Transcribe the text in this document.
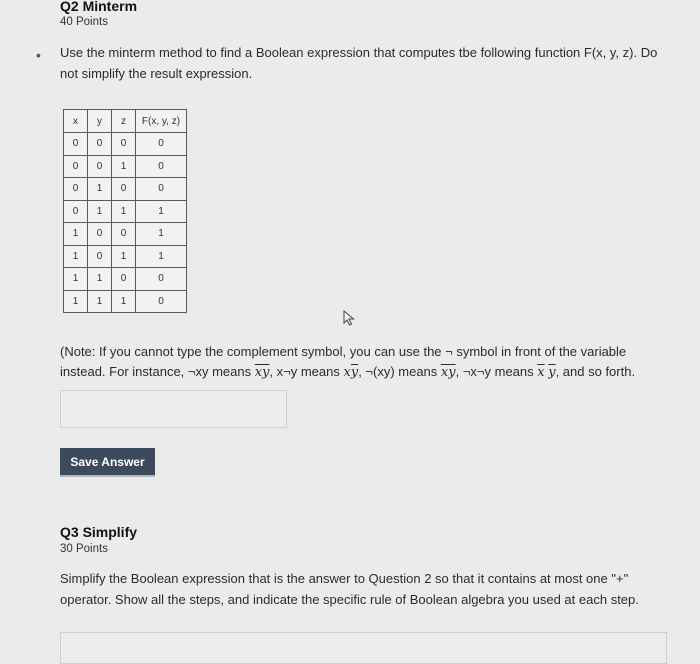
Q2 Minterm
40 Points
• Use the minterm method to find a Boolean expression that computes tbe following function F(x, y, z). Do not simplify the result expression.
x	y	z	F(x, y, z)
0	0	0	0
0	0	1	0
0	1	0	0
0	1	1	1
1	0	0	1
1	0	1	1
1	1	0	0
1	1	1	0
(Note: If you cannot type the complement symbol, you can use the ¬ symbol in front of the variable instead. For instance, ¬xy means $\overline{xy}$, x¬y means $x\overline{y}$, ¬(xy) means $\overline{xy}$, ¬x¬y means $\overline{x}$ $\overline{y}$, and so forth.
Save Answer
Q3 Simplify
30 Points
Simplify the Boolean expression that is the answer to Question 2 so that it contains at most one "+" operator. Show all the steps, and indicate the specific rule of Boolean algebra you used at each step.
